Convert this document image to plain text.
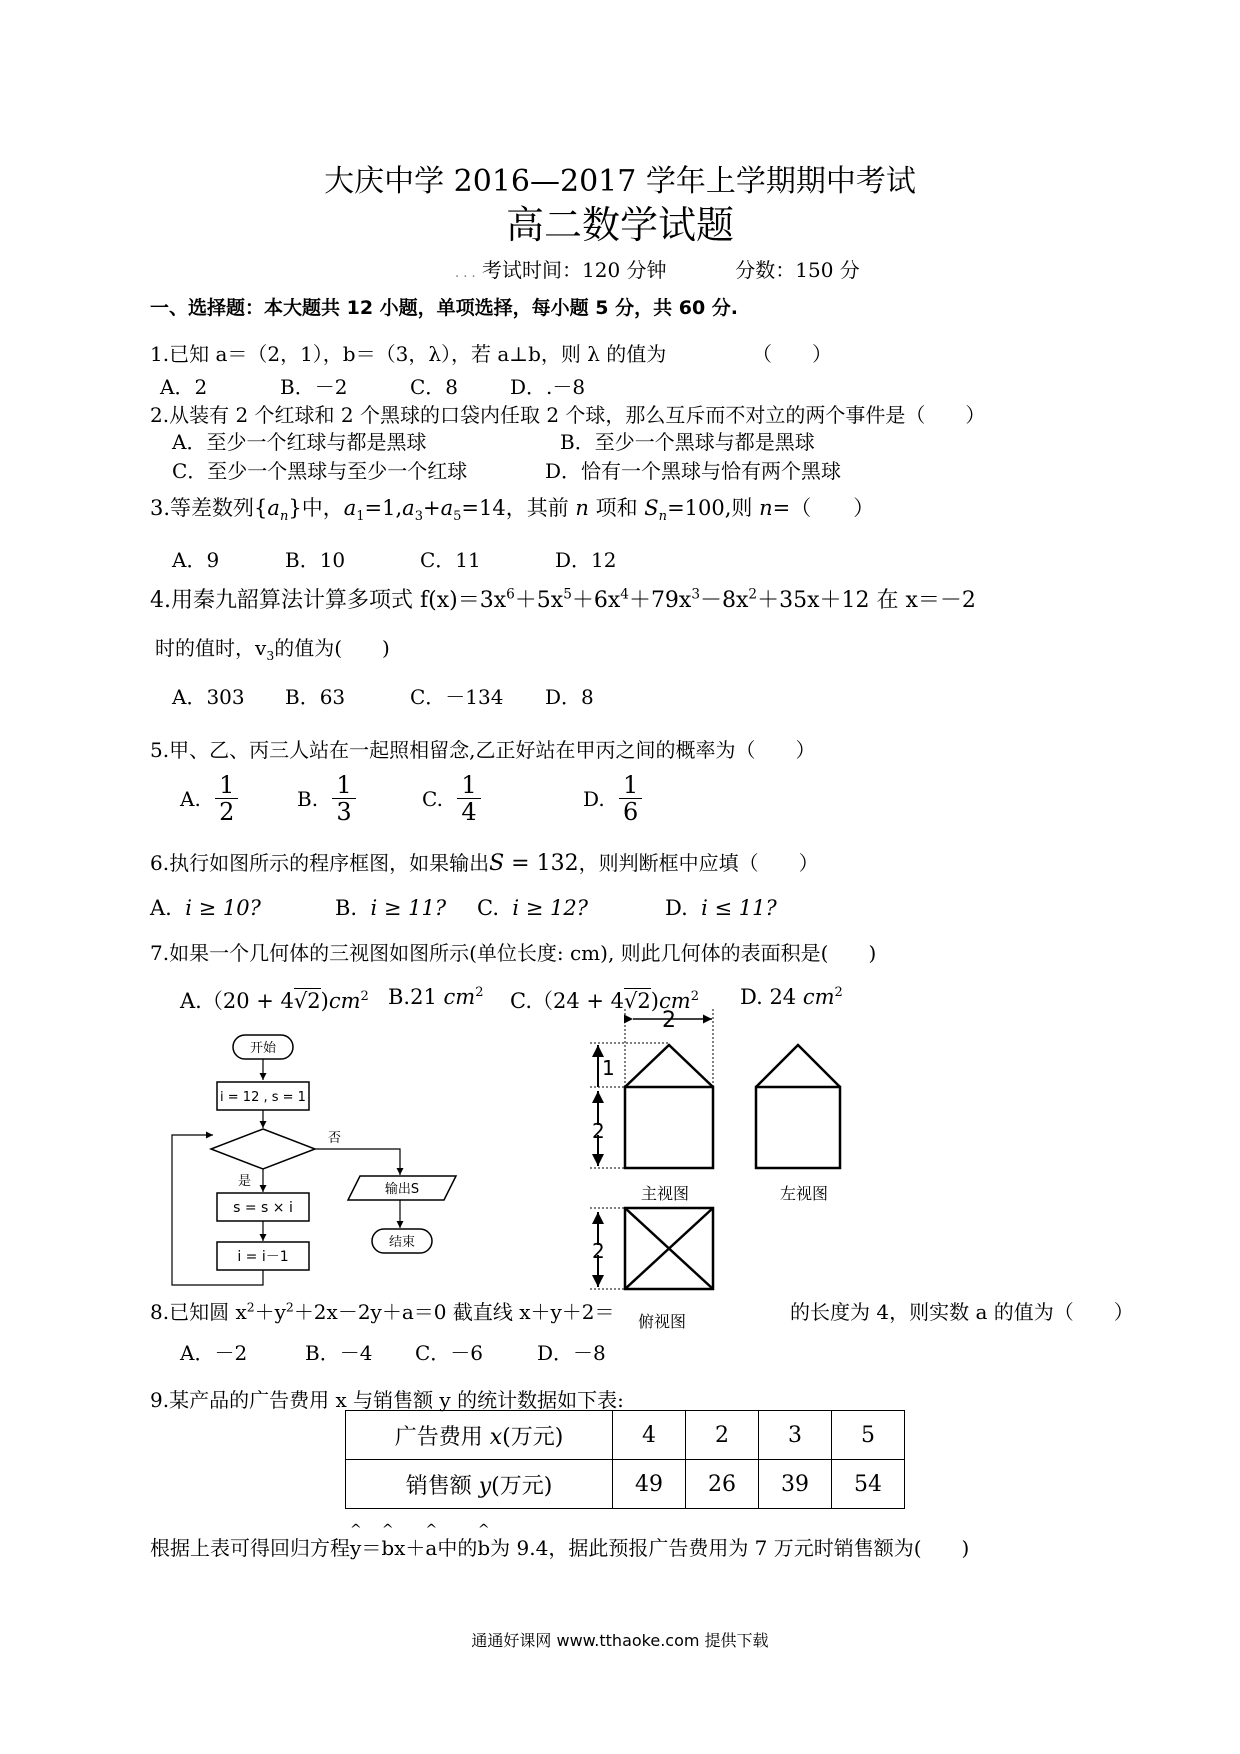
大庆中学 2016—2017 学年上学期期中考试
高二数学试题
. . . 考试时间：120 分钟	分数：150 分
一、选择题：本大题共 12 小题，单项选择，每小题 5 分，共 60 分.
1.已知 a＝（2，1），b＝（3，λ），若 a⊥b，则 λ 的值为	（　　）
A．2	B．－2	C．8	D．.－8
2.从装有 2 个红球和 2 个黑球的口袋内任取 2 个球，那么互斥而不对立的两个事件是（　　）
A．至少一个红球与都是黑球	B．至少一个黑球与都是黑球
C．至少一个黑球与至少一个红球	D．恰有一个黑球与恰有两个黑球
3.等差数列$\{a_n\}$中，$a_1=1,a_3+a_5=14$，其前 n 项和 $S_n=100$,则 n=（　　）
A．9	B．10	C．11	D．12
4.用秦九韶算法计算多项式 $f(x)=3x^6+5x^5+6x^4+79x^3-8x^2+35x+12$ 在 x＝－2
时的值时，$v_3$的值为(　　)
A．303 B．63	C．－134 D．8
5.甲、乙、丙三人站在一起照相留念,乙正好站在甲丙之间的概率为（　　）
A. $\frac{1}{2}$	B. $\frac{1}{3}$	C. $\frac{1}{4}$	D. $\frac{1}{6}$
6.执行如图所示的程序框图，如果输出S = 132，则判断框中应填（　　）
A. i ≥ 10?	B. i ≥ 11? C. i ≥ 12?	D. i ≤ 11?
7.如果一个几何体的三视图如图所示(单位长度: cm), 则此几何体的表面积是(　　)
$A.(20 + 4√2)cm^2$ B.21 $cm^2$ $C.(24 + 4√2)cm^2$ D. 24 $cm^2$
开始
i = 12 , s = 1
否
是
s = s × i
i = i－1
输出S
结束
2
1
2
2
主视图	左视图
俯视图
8.已知圆 $x^2+y^2+2x-2y+a=0$ 截直线 x＋y＋2＝	的长度为 4，则实数 a 的值为（　　）
A．－2	B．－4 C．－6	D．－8
9.某产品的广告费用 x 与销售额 y 的统计数据如下表:
广告费用 x(万元)	4	2	3	5
销售额 y(万元)	49	26	39	54
根据上表可得回归方程
^
y＝
^
bx＋
^
a中的
^
b为 9.4，据此预报广告费用为 7 万元时销售额为(　　)
通通好课网 www.tthaoke.com 提供下载
